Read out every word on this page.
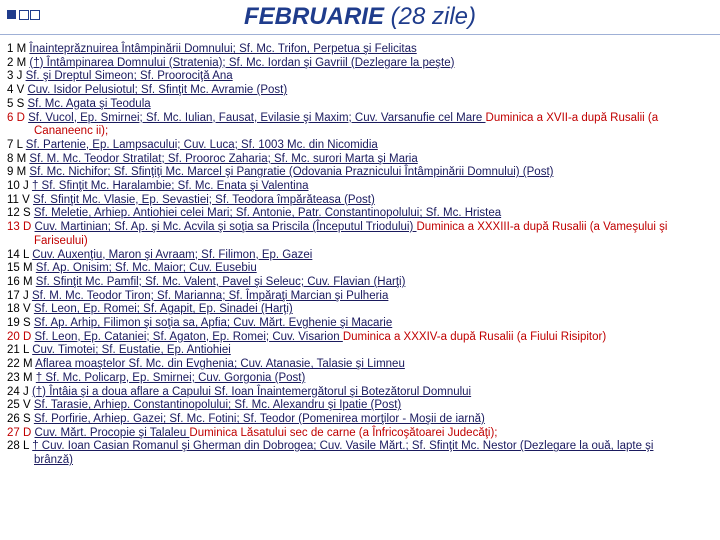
FEBRUARIE (28 zile)
1 M Înainteprăznuirea Întâmpinării Domnului; Sf. Mc. Trifon, Perpetua şi Felicitas
2 M (†) Întâmpinarea Domnului (Stratenia); Sf. Mc. Iordan şi Gavriil (Dezlegare la peşte)
3 J Sf. şi Dreptul Simeon; Sf. Proorociţă Ana
4 V Cuv. Isidor Pelusiotul; Sf. Sfinţit Mc. Avramie (Post)
5 S Sf. Mc. Agata şi Teodula
6 D Sf. Vucol, Ep. Smirnei; Sf. Mc. Iulian, Fausat, Evilasie şi Maxim; Cuv. Varsanufie cel Mare Duminica a XVII-a după Rusalii (a
Cananeenc ii);
7 L Sf. Partenie, Ep. Lampsacului; Cuv. Luca; Sf. 1003 Mc. din Nicomidia
8 M Sf. M. Mc. Teodor Stratilat; Sf. Prooroc Zaharia; Sf. Mc. surori Marta şi Maria
9 M Sf. Mc. Nichifor; Sf. Sfinţiţi Mc. Marcel şi Pangratie (Odovania Praznicului Întâmpinării Domnului) (Post)
10 J † Sf. Sfinţit Mc. Haralambie; Sf. Mc. Enata şi Valentina
11 V Sf. Sfinţit Mc. Vlasie, Ep. Sevastiei; Sf. Teodora împărăteasa (Post)
12 S Sf. Meletie, Arhiep. Antiohiei celei Mari; Sf. Antonie, Patr. Constantinopolului; Sf. Mc. Hristea
13 D Cuv. Martinian; Sf. Ap. şi Mc. Acvila şi soţia sa Priscila (Începutul Triodului) Duminica a XXXIII-a după Rusalii (a Vameşului şi
Fariseului)
14 L Cuv. Auxenţiu, Maron şi Avraam; Sf. Filimon, Ep. Gazei
15 M Sf. Ap. Onisim; Sf. Mc. Maior; Cuv. Eusebiu
16 M Sf. Sfinţit Mc. Pamfil; Sf. Mc. Valent, Pavel şi Seleuc; Cuv. Flavian (Harţi)
17 J Sf. M. Mc. Teodor Tiron; Sf. Marianna; Sf. Împăraţi Marcian şi Pulheria
18 V Sf. Leon, Ep. Romei; Sf. Agapit, Ep. Sinadei (Harţi)
19 S Sf. Ap. Arhip, Filimon şi soţia sa, Apfia; Cuv. Mărt. Evghenie şi Macarie
20 D Sf. Leon, Ep. Cataniei; Sf. Agaton, Ep. Romei; Cuv. Visarion Duminica a XXXIV-a după Rusalii (a Fiului Risipitor)
21 L Cuv. Timotei; Sf. Eustatie, Ep. Antiohiei
22 M Aflarea moaştelor Sf. Mc. din Evghenia; Cuv. Atanasie, Talasie şi Limneu
23 M † Sf. Mc. Policarp, Ep. Smirnei; Cuv. Gorgonia (Post)
24 J (†) Întâia şi a doua aflare a Capului Sf. Ioan Înaintemergătorul şi Botezătorul Domnului
25 V Sf. Tarasie, Arhiep. Constantinopolului; Sf. Mc. Alexandru şi Ipatie (Post)
26 S Sf. Porfirie, Arhiep. Gazei; Sf. Mc. Fotini; Sf. Teodor (Pomenirea morţilor - Moşii de iarnă)
27 D Cuv. Mărt. Procopie şi Talaleu Duminica Lăsatului sec de carne (a Înfricoşătoarei Judecăţi);
28 L † Cuv. Ioan Casian Romanul şi Gherman din Dobrogea; Cuv. Vasile Mărt.; Sf. Sfinţit Mc. Nestor (Dezlegare la ouă, lapte şi
brânză)
